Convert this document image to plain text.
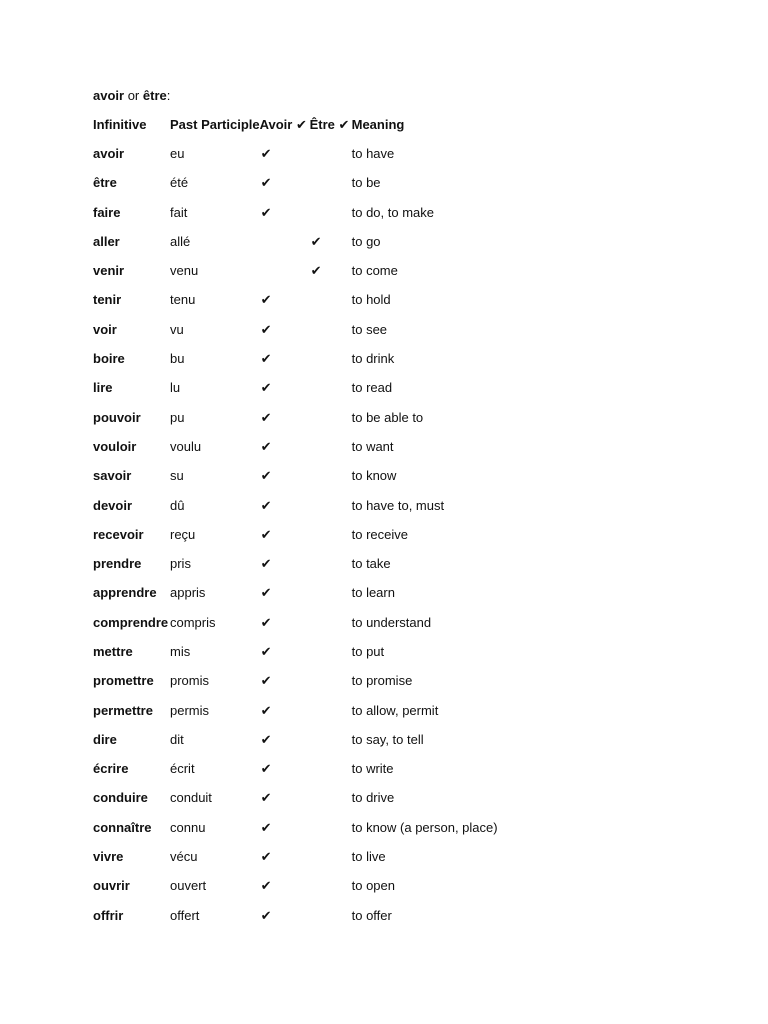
avoir or être:
Infinitive	Past Participle	Avoir ✔	Être ✔	Meaning
avoir	eu	✔		to have
être	été	✔		to be
faire	fait	✔		to do, to make
aller	allé		✔	to go
venir	venu		✔	to come
tenir	tenu	✔		to hold
voir	vu	✔		to see
boire	bu	✔		to drink
lire	lu	✔		to read
pouvoir	pu	✔		to be able to
vouloir	voulu	✔		to want
savoir	su	✔		to know
devoir	dû	✔		to have to, must
recevoir	reçu	✔		to receive
prendre	pris	✔		to take
apprendre	appris	✔		to learn
comprendre	compris	✔		to understand
mettre	mis	✔		to put
promettre	promis	✔		to promise
permettre	permis	✔		to allow, permit
dire	dit	✔		to say, to tell
écrire	écrit	✔		to write
conduire	conduit	✔		to drive
connaître	connu	✔		to know (a person, place)
vivre	vécu	✔		to live
ouvrir	ouvert	✔		to open
offrir	offert	✔		to offer
